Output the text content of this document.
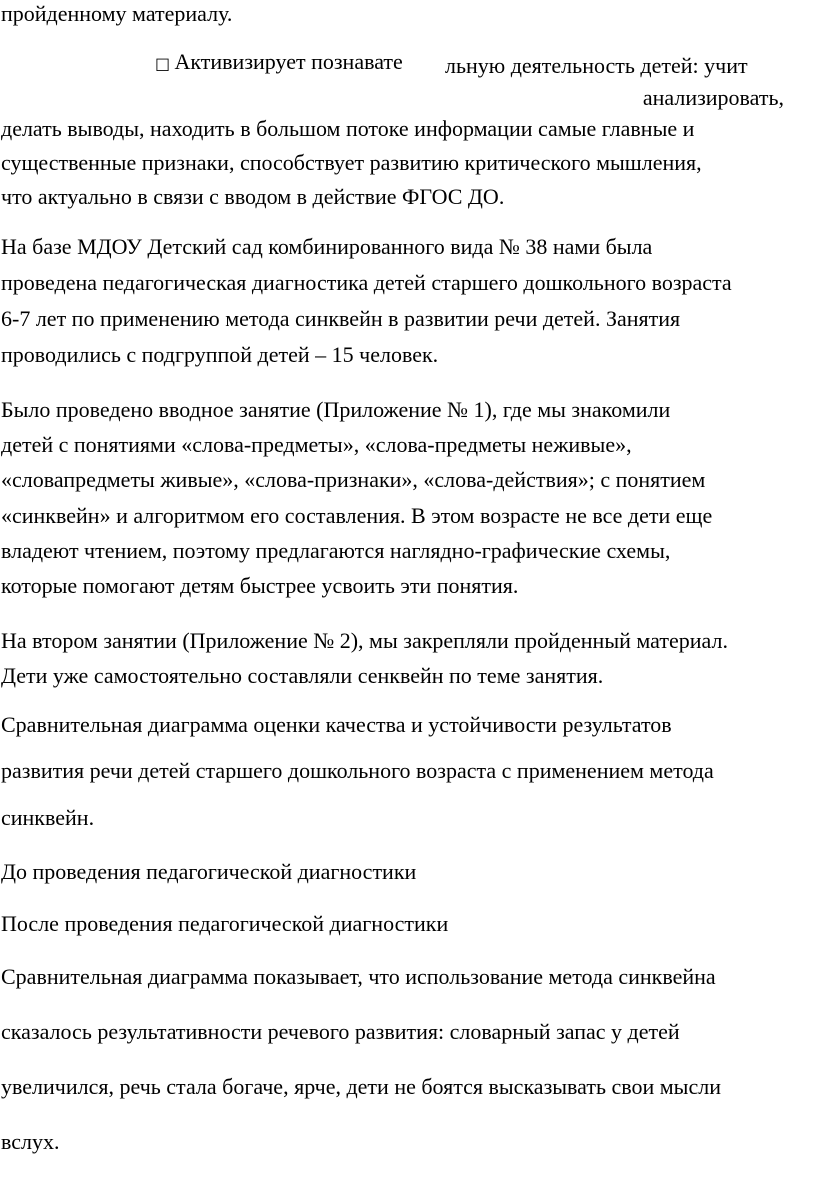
пройденному материалу.
□ Активизирует познавате льную деятельность детей: учит
анализировать,
делать выводы, находить в большом потоке информации самые главные и
существенные признаки, способствует развитию критического мышления,
что актуально в связи с вводом в действие ФГОС ДО.
На базе МДОУ Детский сад комбинированного вида № 38 нами была
проведена педагогическая диагностика детей старшего дошкольного возраста
6-7 лет по применению метода синквейн в развитии речи детей. Занятия
проводились с подгруппой детей – 15 человек.
Было проведено вводное занятие (Приложение № 1), где мы знакомили
детей с понятиями «слова-предметы», «слова-предметы неживые»,
«словапредметы живые», «слова-признаки», «слова-действия»; с понятием
«синквейн» и алгоритмом его составления. В этом возрасте не все дети еще
владеют чтением, поэтому предлагаются наглядно-графические схемы,
которые помогают детям быстрее усвоить эти понятия.
На втором занятии (Приложение № 2), мы закрепляли пройденный материал.
Дети уже самостоятельно составляли сенквейн по теме занятия.
Сравнительная диаграмма оценки качества и устойчивости результатов
развития речи детей старшего дошкольного возраста с применением метода
синквейн.
До проведения педагогической диагностики
После проведения педагогической диагностики
Сравнительная диаграмма показывает, что использование метода синквейна
сказалось результативности речевого развития: словарный запас у детей
увеличился, речь стала богаче, ярче, дети не боятся высказывать свои мысли
вслух.
